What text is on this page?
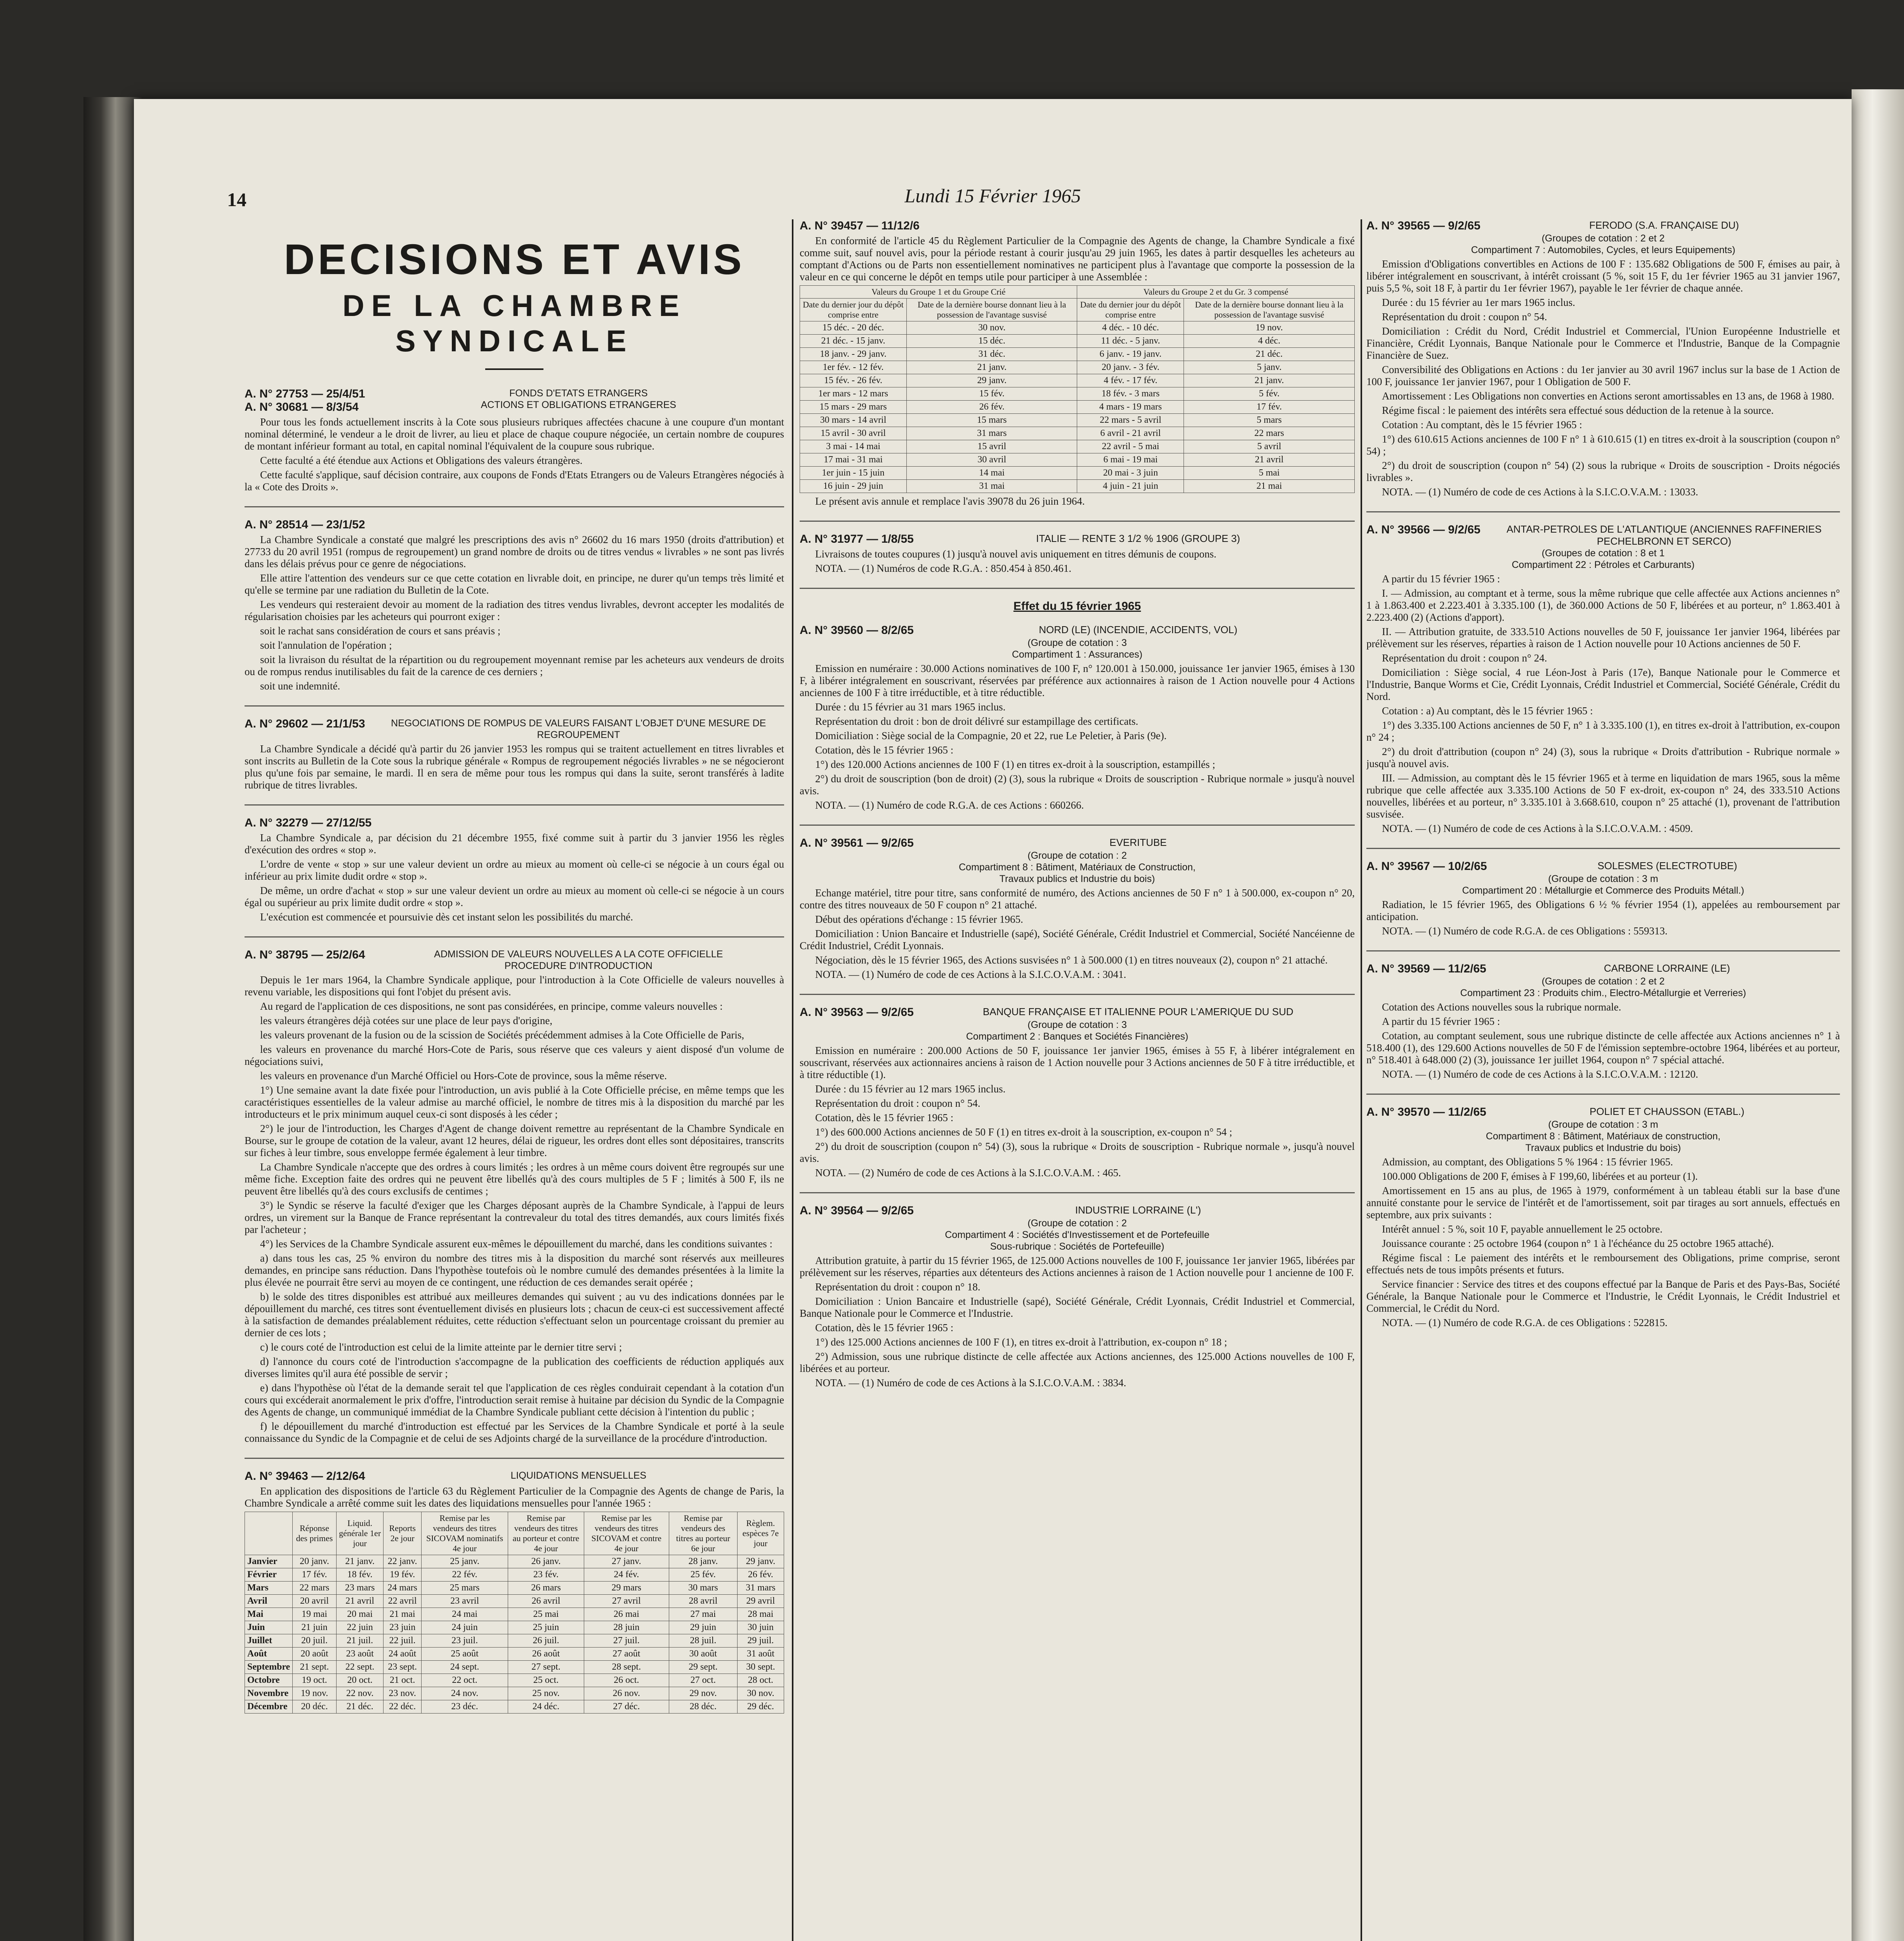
14	Lundi 15 Février 1965
DECISIONS ET AVIS
DE LA CHAMBRE SYNDICALE
A. N° 27753 — 25/4/51
A. N° 30681 — 8/3/54
FONDS D'ETATS ETRANGERS
ACTIONS ET OBLIGATIONS ETRANGERES

Pour tous les fonds actuellement inscrits à la Cote sous plusieurs rubriques affectées chacune à une coupure d'un montant nominal déterminé, le vendeur a le droit de livrer, au lieu et place de chaque coupure négociée, un certain nombre de coupures de montant inférieur formant au total, en capital nominal l'équivalent de la coupure sous rubrique.

Cette faculté a été étendue aux Actions et Obligations des valeurs étrangères.

Cette faculté s'applique, sauf décision contraire, aux coupons de Fonds d'Etats Etrangers ou de Valeurs Etrangères négociés à la « Cote des Droits ».

A. N° 28514 — 23/1/52

La Chambre Syndicale a constaté que malgré les prescriptions des avis n° 26602 du 16 mars 1950 (droits d'attribution) et 27733 du 20 avril 1951 (rompus de regroupement) un grand nombre de droits ou de titres vendus « livrables » ne sont pas livrés dans les délais prévus pour ce genre de négociations.

Elle attire l'attention des vendeurs sur ce que cette cotation en livrable doit, en principe, ne durer qu'un temps très limité et qu'elle se termine par une radiation du Bulletin de la Cote.

Les vendeurs qui resteraient devoir au moment de la radiation des titres vendus livrables, devront accepter les modalités de régularisation choisies par les acheteurs qui pourront exiger :

soit le rachat sans considération de cours et sans préavis ;

soit l'annulation de l'opération ;

soit la livraison du résultat de la répartition ou du regroupement moyennant remise par les acheteurs aux vendeurs de droits ou de rompus rendus inutilisables du fait de la carence de ces derniers ;

soit une indemnité.

A. N° 29602 — 21/1/53	NEGOCIATIONS DE ROMPUS DE VALEURS FAISANT L'OBJET D'UNE MESURE DE REGROUPEMENT

La Chambre Syndicale a décidé qu'à partir du 26 janvier 1953 les rompus qui se traitent actuellement en titres livrables et sont inscrits au Bulletin de la Cote sous la rubrique générale « Rompus de regroupement négociés livrables » ne se négocieront plus qu'une fois par semaine, le mardi. Il en sera de même pour tous les rompus qui dans la suite, seront transférés à ladite rubrique de titres livrables.

A. N° 32279 — 27/12/55

La Chambre Syndicale a, par décision du 21 décembre 1955, fixé comme suit à partir du 3 janvier 1956 les règles d'exécution des ordres « stop ».

L'ordre de vente « stop » sur une valeur devient un ordre au mieux au moment où celle-ci se négocie à un cours égal ou inférieur au prix limite dudit ordre « stop ».

De même, un ordre d'achat « stop » sur une valeur devient un ordre au mieux au moment où celle-ci se négocie à un cours égal ou supérieur au prix limite dudit ordre « stop ».

L'exécution est commencée et poursuivie dès cet instant selon les possibilités du marché.

A. N° 38795 — 25/2/64	ADMISSION DE VALEURS NOUVELLES A LA COTE OFFICIELLE
PROCEDURE D'INTRODUCTION

Depuis le 1er mars 1964, la Chambre Syndicale applique, pour l'introduction à la Cote Officielle de valeurs nouvelles à revenu variable, les dispositions qui font l'objet du présent avis.

Au regard de l'application de ces dispositions, ne sont pas considérées, en principe, comme valeurs nouvelles :

les valeurs étrangères déjà cotées sur une place de leur pays d'origine,

les valeurs provenant de la fusion ou de la scission de Sociétés précédemment admises à la Cote Officielle de Paris,

les valeurs en provenance du marché Hors-Cote de Paris, sous réserve que ces valeurs y aient disposé d'un volume de négociations suivi,

les valeurs en provenance d'un Marché Officiel ou Hors-Cote de province, sous la même réserve.

1°) Une semaine avant la date fixée pour l'introduction, un avis publié à la Cote Officielle précise, en même temps que les caractéristiques essentielles de la valeur admise au marché officiel, le nombre de titres mis à la disposition du marché par les introducteurs et le prix minimum auquel ceux-ci sont disposés à les céder ;

2°) le jour de l'introduction, les Charges d'Agent de change doivent remettre au représentant de la Chambre Syndicale en Bourse, sur le groupe de cotation de la valeur, avant 12 heures, délai de rigueur, les ordres dont elles sont dépositaires, transcrits sur fiches à leur timbre, sous enveloppe fermée également à leur timbre.

La Chambre Syndicale n'accepte que des ordres à cours limités ; les ordres à un même cours doivent être regroupés sur une même fiche. Exception faite des ordres qui ne peuvent être libellés qu'à des cours multiples de 5 F ; limités à 500 F, ils ne peuvent être libellés qu'à des cours exclusifs de centimes ;

3°) le Syndic se réserve la faculté d'exiger que les Charges déposant auprès de la Chambre Syndicale, à l'appui de leurs ordres, un virement sur la Banque de France représentant la contrevaleur du total des titres demandés, aux cours limités fixés par l'acheteur ;

4°) les Services de la Chambre Syndicale assurent eux-mêmes le dépouillement du marché, dans les conditions suivantes :

a) dans tous les cas, 25 % environ du nombre des titres mis à la disposition du marché sont réservés aux meilleures demandes, en principe sans réduction. Dans l'hypothèse toutefois où le nombre cumulé des demandes présentées à la limite la plus élevée ne pourrait être servi au moyen de ce contingent, une réduction de ces demandes serait opérée ;

b) le solde des titres disponibles est attribué aux meilleures demandes qui suivent ; au vu des indications données par le dépouillement du marché, ces titres sont éventuellement divisés en plusieurs lots ; chacun de ceux-ci est successivement affecté à la satisfaction de demandes préalablement réduites, cette réduction s'effectuant selon un pourcentage croissant du premier au dernier de ces lots ;

c) le cours coté de l'introduction est celui de la limite atteinte par le dernier titre servi ;

d) l'annonce du cours coté de l'introduction s'accompagne de la publication des coefficients de réduction appliqués aux diverses limites qu'il aura été possible de servir ;

e) dans l'hypothèse où l'état de la demande serait tel que l'application de ces règles conduirait cependant à la cotation d'un cours qui excéderait anormalement le prix d'offre, l'introduction serait remise à huitaine par décision du Syndic de la Compagnie des Agents de change, un communiqué immédiat de la Chambre Syndicale publiant cette décision à l'intention du public ;

f) le dépouillement du marché d'introduction est effectué par les Services de la Chambre Syndicale et porté à la seule connaissance du Syndic de la Compagnie et de celui de ses Adjoints chargé de la surveillance de la procédure d'introduction.

A. N° 39463 — 2/12/64	LIQUIDATIONS MENSUELLES

En application des dispositions de l'article 63 du Règlement Particulier de la Compagnie des Agents de change de Paris, la Chambre Syndicale a arrêté comme suit les dates des liquidations mensuelles pour l'année 1965 :

	Réponse des primes	Liquid. générale 1er jour	Reports 2e jour	Remise par les vendeurs des titres SICOVAM nominatifs 4e jour	Remise par vendeurs des titres au porteur et contre 4e jour	Remise par les vendeurs des titres SICOVAM et contre 4e jour	Remise par vendeurs des titres au porteur 6e jour	Règlem. espèces 7e jour
Janvier	20 janv.	21 janv.	22 janv.	25 janv.	26 janv.	27 janv.	28 janv.	29 janv.
Février	17 fév.	18 fév.	19 fév.	22 fév.	23 fév.	24 fév.	25 fév.	26 fév.
Mars	22 mars	23 mars	24 mars	25 mars	26 mars	29 mars	30 mars	31 mars
Avril	20 avril	21 avril	22 avril	23 avril	26 avril	27 avril	28 avril	29 avril
Mai	19 mai	20 mai	21 mai	24 mai	25 mai	26 mai	27 mai	28 mai
Juin	21 juin	22 juin	23 juin	24 juin	25 juin	28 juin	29 juin	30 juin
Juillet	20 juil.	21 juil.	22 juil.	23 juil.	26 juil.	27 juil.	28 juil.	29 juil.
Août	20 août	23 août	24 août	25 août	26 août	27 août	30 août	31 août
Septembre	21 sept.	22 sept.	23 sept.	24 sept.	27 sept.	28 sept.	29 sept.	30 sept.
Octobre	19 oct.	20 oct.	21 oct.	22 oct.	25 oct.	26 oct.	27 oct.	28 oct.
Novembre	19 nov.	22 nov.	23 nov.	24 nov.	25 nov.	26 nov.	29 nov.	30 nov.
Décembre	20 déc.	21 déc.	22 déc.	23 déc.	24 déc.	27 déc.	28 déc.	29 déc.
A. N° 39457 — 11/12/6

En conformité de l'article 45 du Règlement Particulier de la Compagnie des Agents de change, la Chambre Syndicale a fixé comme suit, sauf nouvel avis, pour la période restant à courir jusqu'au 29 juin 1965, les dates à partir desquelles les acheteurs au comptant d'Actions ou de Parts non essentiellement nominatives ne participent plus à l'avantage que comporte la possession de la valeur en ce qui concerne le dépôt en temps utile pour participer à une Assemblée :

Valeurs du Groupe 1 et du Groupe Crié		Valeurs du Groupe 2 et du Gr. 3 compensé	
Date du dernier jour du dépôt comprise entre	Date de la dernière bourse donnant lieu à la possession de l'avantage susvisé	Date du dernier jour du dépôt comprise entre	Date de la dernière bourse donnant lieu à la possession de l'avantage susvisé
15 déc. - 20 déc.	30 nov.	4 déc. - 10 déc.	19 nov.
21 déc. - 15 janv.	15 déc.	11 déc. - 5 janv.	4 déc.
18 janv. - 29 janv.	31 déc.	6 janv. - 19 janv.	21 déc.
1er fév. - 12 fév.	21 janv.	20 janv. - 3 fév.	5 janv.
15 fév. - 26 fév.	29 janv.	4 fév. - 17 fév.	21 janv.
1er mars - 12 mars	15 fév.	18 fév. - 3 mars	5 fév.
15 mars - 29 mars	26 fév.	4 mars - 19 mars	17 fév.
30 mars - 14 avril	15 mars	22 mars - 5 avril	5 mars
15 avril - 30 avril	31 mars	6 avril - 21 avril	22 mars
3 mai - 14 mai	15 avril	22 avril - 5 mai	5 avril
17 mai - 31 mai	30 avril	6 mai - 19 mai	21 avril
1er juin - 15 juin	14 mai	20 mai - 3 juin	5 mai
16 juin - 29 juin	31 mai	4 juin - 21 juin	21 mai

Le présent avis annule et remplace l'avis 39078 du 26 juin 1964.

A. N° 31977 — 1/8/55	ITALIE — RENTE 3 1/2 % 1906 (GROUPE 3)

Livraisons de toutes coupures (1) jusqu'à nouvel avis uniquement en titres démunis de coupons.

NOTA. — (1) Numéros de code R.G.A. : 850.454 à 850.461.

Effet du 15 février 1965
A. N° 39560 — 8/2/65	NORD (LE) (INCENDIE, ACCIDENTS, VOL)
(Groupe de cotation : 3
Compartiment 1 : Assurances)

Emission en numéraire : 30.000 Actions nominatives de 100 F, n° 120.001 à 150.000, jouissance 1er janvier 1965, émises à 130 F, à libérer intégralement en souscrivant, réservées par préférence aux actionnaires à raison de 1 Action nouvelle pour 4 Actions anciennes de 100 F à titre irréductible, et à titre réductible.

Durée : du 15 février au 31 mars 1965 inclus.

Représentation du droit : bon de droit délivré sur estampillage des certificats.

Domiciliation : Siège social de la Compagnie, 20 et 22, rue Le Peletier, à Paris (9e).

Cotation, dès le 15 février 1965 :

1°) des 120.000 Actions anciennes de 100 F (1) en titres ex-droit à la souscription, estampillés ;

2°) du droit de souscription (bon de droit) (2) (3), sous la rubrique « Droits de souscription - Rubrique normale » jusqu'à nouvel avis.

NOTA. — (1) Numéro de code R.G.A. de ces Actions : 660266.

A. N° 39561 — 9/2/65	EVERITUBE
(Groupe de cotation : 2
Compartiment 8 : Bâtiment, Matériaux de Construction,
Travaux publics et Industrie du bois)

Echange matériel, titre pour titre, sans conformité de numéro, des Actions anciennes de 50 F n° 1 à 500.000, ex-coupon n° 20, contre des titres nouveaux de 50 F coupon n° 21 attaché.

Début des opérations d'échange : 15 février 1965.

Domiciliation : Union Bancaire et Industrielle (sapé), Société Générale, Crédit Industriel et Commercial, Société Nancéienne de Crédit Industriel, Crédit Lyonnais.

Négociation, dès le 15 février 1965, des Actions susvisées n° 1 à 500.000 (1) en titres nouveaux (2), coupon n° 21 attaché.

NOTA. — (1) Numéro de code de ces Actions à la S.I.C.O.V.A.M. : 3041.

A. N° 39563 — 9/2/65	BANQUE FRANÇAISE ET ITALIENNE POUR L'AMERIQUE DU SUD
(Groupe de cotation : 3
Compartiment 2 : Banques et Sociétés Financières)

Emission en numéraire : 200.000 Actions de 50 F, jouissance 1er janvier 1965, émises à 55 F, à libérer intégralement en souscrivant, réservées aux actionnaires anciens à raison de 1 Action nouvelle pour 3 Actions anciennes de 50 F à titre irréductible, et à titre réductible (1).

Durée : du 15 février au 12 mars 1965 inclus.

Représentation du droit : coupon n° 54.

Cotation, dès le 15 février 1965 :

1°) des 600.000 Actions anciennes de 50 F (1) en titres ex-droit à la souscription, ex-coupon n° 54 ;

2°) du droit de souscription (coupon n° 54) (3), sous la rubrique « Droits de souscription - Rubrique normale », jusqu'à nouvel avis.

NOTA. — (2) Numéro de code de ces Actions à la S.I.C.O.V.A.M. : 465.

A. N° 39564 — 9/2/65	INDUSTRIE LORRAINE (L')
(Groupe de cotation : 2
Compartiment 4 : Sociétés d'Investissement et de Portefeuille
Sous-rubrique : Sociétés de Portefeuille)

Attribution gratuite, à partir du 15 février 1965, de 125.000 Actions nouvelles de 100 F, jouissance 1er janvier 1965, libérées par prélèvement sur les réserves, réparties aux détenteurs des Actions anciennes à raison de 1 Action nouvelle pour 1 ancienne de 100 F.

Représentation du droit : coupon n° 18.

Domiciliation : Union Bancaire et Industrielle (sapé), Société Générale, Crédit Lyonnais, Crédit Industriel et Commercial, Banque Nationale pour le Commerce et l'Industrie.

Cotation, dès le 15 février 1965 :

1°) des 125.000 Actions anciennes de 100 F (1), en titres ex-droit à l'attribution, ex-coupon n° 18 ;

2°) Admission, sous une rubrique distincte de celle affectée aux Actions anciennes, des 125.000 Actions nouvelles de 100 F, libérées et au porteur.

NOTA. — (1) Numéro de code de ces Actions à la S.I.C.O.V.A.M. : 3834.

A. N° 39565 — 9/2/65	FERODO (S.A. FRANÇAISE DU)
(Groupes de cotation : 2 et 2
Compartiment 7 : Automobiles, Cycles, et leurs Equipements)

Emission d'Obligations convertibles en Actions de 100 F : 135.682 Obligations de 500 F, émises au pair, à libérer intégralement en souscrivant, à intérêt croissant (5 %, soit 15 F, du 1er février 1965 au 31 janvier 1967, puis 5,5 %, soit 18 F, à partir du 1er février 1967), payable le 1er février de chaque année.

Durée : du 15 février au 1er mars 1965 inclus.

Représentation du droit : coupon n° 54.

Domiciliation : Crédit du Nord, Crédit Industriel et Commercial, l'Union Européenne Industrielle et Financière, Crédit Lyonnais, Banque Nationale pour le Commerce et l'Industrie, Banque de la Compagnie Financière de Suez.

Conversibilité des Obligations en Actions : du 1er janvier au 30 avril 1967 inclus sur la base de 1 Action de 100 F, jouissance 1er janvier 1967, pour 1 Obligation de 500 F.

Amortissement : Les Obligations non converties en Actions seront amortissables en 13 ans, de 1968 à 1980.

Régime fiscal : le paiement des intérêts sera effectué sous déduction de la retenue à la source.

Cotation : Au comptant, dès le 15 février 1965 :

1°) des 610.615 Actions anciennes de 100 F n° 1 à 610.615 (1) en titres ex-droit à la souscription (coupon n° 54) ;

2°) du droit de souscription (coupon n° 54) (2) sous la rubrique « Droits de souscription - Droits négociés livrables ».

NOTA. — (1) Numéro de code de ces Actions à la S.I.C.O.V.A.M. : 13033.

A. N° 39566 — 9/2/65	ANTAR-PETROLES DE L'ATLANTIQUE (ANCIENNES RAFFINERIES PECHELBRONN ET SERCO)
(Groupes de cotation : 8 et 1
Compartiment 22 : Pétroles et Carburants)

A partir du 15 février 1965 :

I. — Admission, au comptant et à terme, sous la même rubrique que celle affectée aux Actions anciennes n° 1 à 1.863.400 et 2.223.401 à 3.335.100 (1), de 360.000 Actions de 50 F, libérées et au porteur, n° 1.863.401 à 2.223.400 (2) (Actions d'apport).

II. — Attribution gratuite, de 333.510 Actions nouvelles de 50 F, jouissance 1er janvier 1964, libérées par prélèvement sur les réserves, réparties à raison de 1 Action nouvelle pour 10 Actions anciennes de 50 F.

Représentation du droit : coupon n° 24.

Domiciliation : Siège social, 4 rue Léon-Jost à Paris (17e), Banque Nationale pour le Commerce et l'Industrie, Banque Worms et Cie, Crédit Lyonnais, Crédit Industriel et Commercial, Société Générale, Crédit du Nord.

Cotation : a) Au comptant, dès le 15 février 1965 :

1°) des 3.335.100 Actions anciennes de 50 F, n° 1 à 3.335.100 (1), en titres ex-droit à l'attribution, ex-coupon n° 24 ;

2°) du droit d'attribution (coupon n° 24) (3), sous la rubrique « Droits d'attribution - Rubrique normale » jusqu'à nouvel avis.

III. — Admission, au comptant dès le 15 février 1965 et à terme en liquidation de mars 1965, sous la même rubrique que celle affectée aux 3.335.100 Actions de 50 F ex-droit, ex-coupon n° 24, des 333.510 Actions nouvelles, libérées et au porteur, n° 3.335.101 à 3.668.610, coupon n° 25 attaché (1), provenant de l'attribution susvisée.

NOTA. — (1) Numéro de code de ces Actions à la S.I.C.O.V.A.M. : 4509.

A. N° 39567 — 10/2/65	SOLESMES (ELECTROTUBE)
(Groupe de cotation : 3 m
Compartiment 20 : Métallurgie et Commerce des Produits Métall.)

Radiation, le 15 février 1965, des Obligations 6 ½ % février 1954 (1), appelées au remboursement par anticipation.

NOTA. — (1) Numéro de code R.G.A. de ces Obligations : 559313.

A. N° 39569 — 11/2/65	CARBONE LORRAINE (LE)
(Groupes de cotation : 2 et 2
Compartiment 23 : Produits chim., Electro-Métallurgie et Verreries)

Cotation des Actions nouvelles sous la rubrique normale.

A partir du 15 février 1965 :

Cotation, au comptant seulement, sous une rubrique distincte de celle affectée aux Actions anciennes n° 1 à 518.400 (1), des 129.600 Actions nouvelles de 50 F de l'émission septembre-octobre 1964, libérées et au porteur, n° 518.401 à 648.000 (2) (3), jouissance 1er juillet 1964, coupon n° 7 spécial attaché.

NOTA. — (1) Numéro de code de ces Actions à la S.I.C.O.V.A.M. : 12120.

A. N° 39570 — 11/2/65	POLIET ET CHAUSSON (ETABL.)
(Groupe de cotation : 3 m
Compartiment 8 : Bâtiment, Matériaux de construction,
Travaux publics et Industrie du bois)

Admission, au comptant, des Obligations 5 % 1964 : 15 février 1965.

100.000 Obligations de 200 F, émises à F 199,60, libérées et au porteur (1).

Amortissement en 15 ans au plus, de 1965 à 1979, conformément à un tableau établi sur la base d'une annuité constante pour le service de l'intérêt et de l'amortissement, soit par tirages au sort annuels, effectués en septembre, aux prix suivants :

Intérêt annuel : 5 %, soit 10 F, payable annuellement le 25 octobre.

Jouissance courante : 25 octobre 1964 (coupon n° 1 à l'échéance du 25 octobre 1965 attaché).

Régime fiscal : Le paiement des intérêts et le remboursement des Obligations, prime comprise, seront effectués nets de tous impôts présents et futurs.

Service financier : Service des titres et des coupons effectué par la Banque de Paris et des Pays-Bas, Société Générale, la Banque Nationale pour le Commerce et l'Industrie, le Crédit Lyonnais, le Crédit Industriel et Commercial, le Crédit du Nord.

NOTA. — (1) Numéro de code R.G.A. de ces Obligations : 522815.
